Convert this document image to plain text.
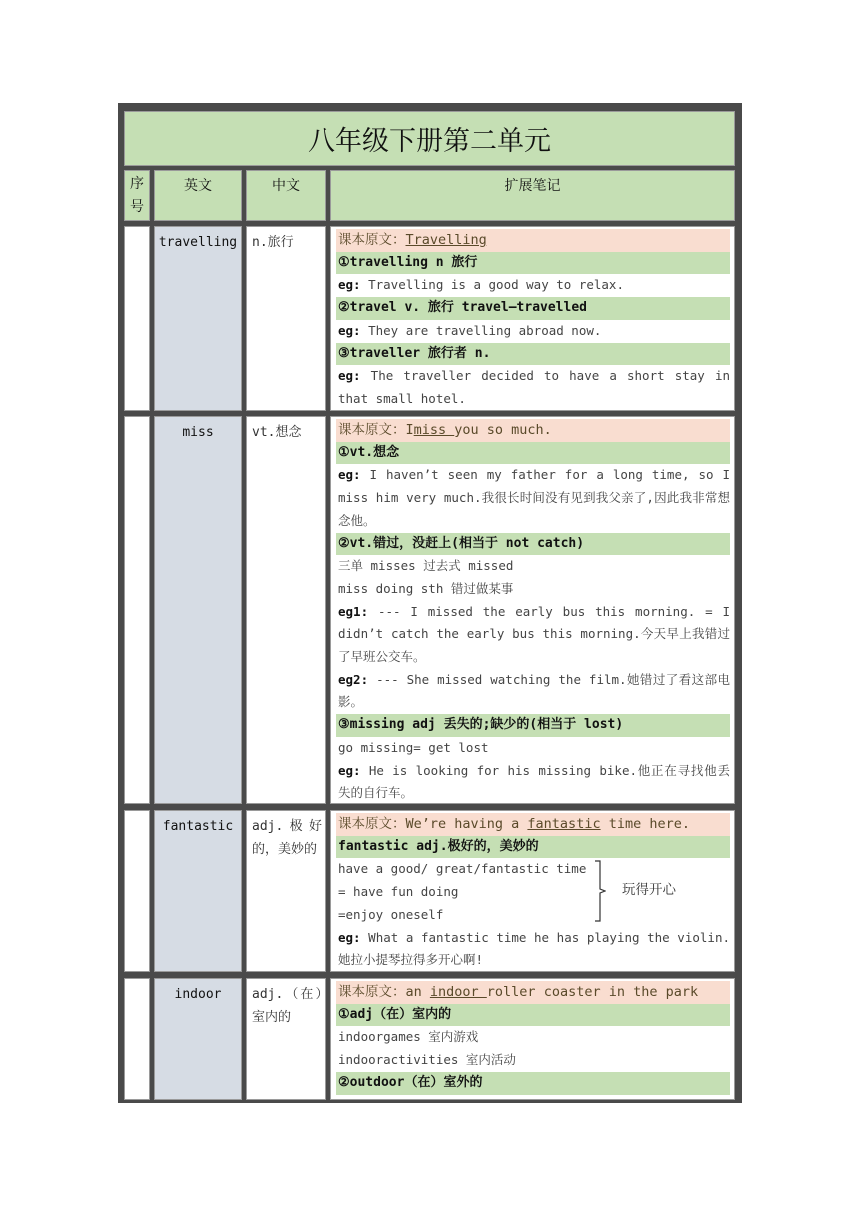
八年级下册第二单元
序
号
英文	中文	扩展笔记
travelling	n.旅行	课本原文：Travelling
①travelling n 旅行
eg: Travelling is a good way to relax.
②travel v. 旅行 travel—travelled
eg: They are travelling abroad now.
③traveller 旅行者 n.
eg: The traveller decided to have a short stay in that small hotel.
miss	vt.想念	课本原文：Imiss you so much.
①vt.想念
eg: I haven’t seen my father for a long time, so I miss him very much.我很长时间没有见到我父亲了,因此我非常想念他。
②vt.错过，没赶上(相当于 not catch)
三单 misses 过去式 missed
miss doing sth 错过做某事
eg1: --- I missed the early bus this morning. = I didn’t catch the early bus this morning.今天早上我错过了早班公交车。
eg2: --- She missed watching the film.她错过了看这部电影。
③missing adj 丢失的;缺少的(相当于 lost)
go missing= get lost
eg: He is looking for his missing bike.他正在寻找他丢失的自行车。
fantastic	adj.极好的，美妙的
课本原文：We’re having a fantastic time here.
fantastic adj.极好的，美妙的
have a good/ great/fantastic time
= have fun doing
=enjoy oneself
玩得开心
eg: What a fantastic time he has playing the violin.她拉小提琴拉得多开心啊!
indoor	adj.（在）室内的
课本原文：an indoor roller coaster in the park
①adj（在）室内的
indoorgames 室内游戏
indooractivities 室内活动
②outdoor（在）室外的
